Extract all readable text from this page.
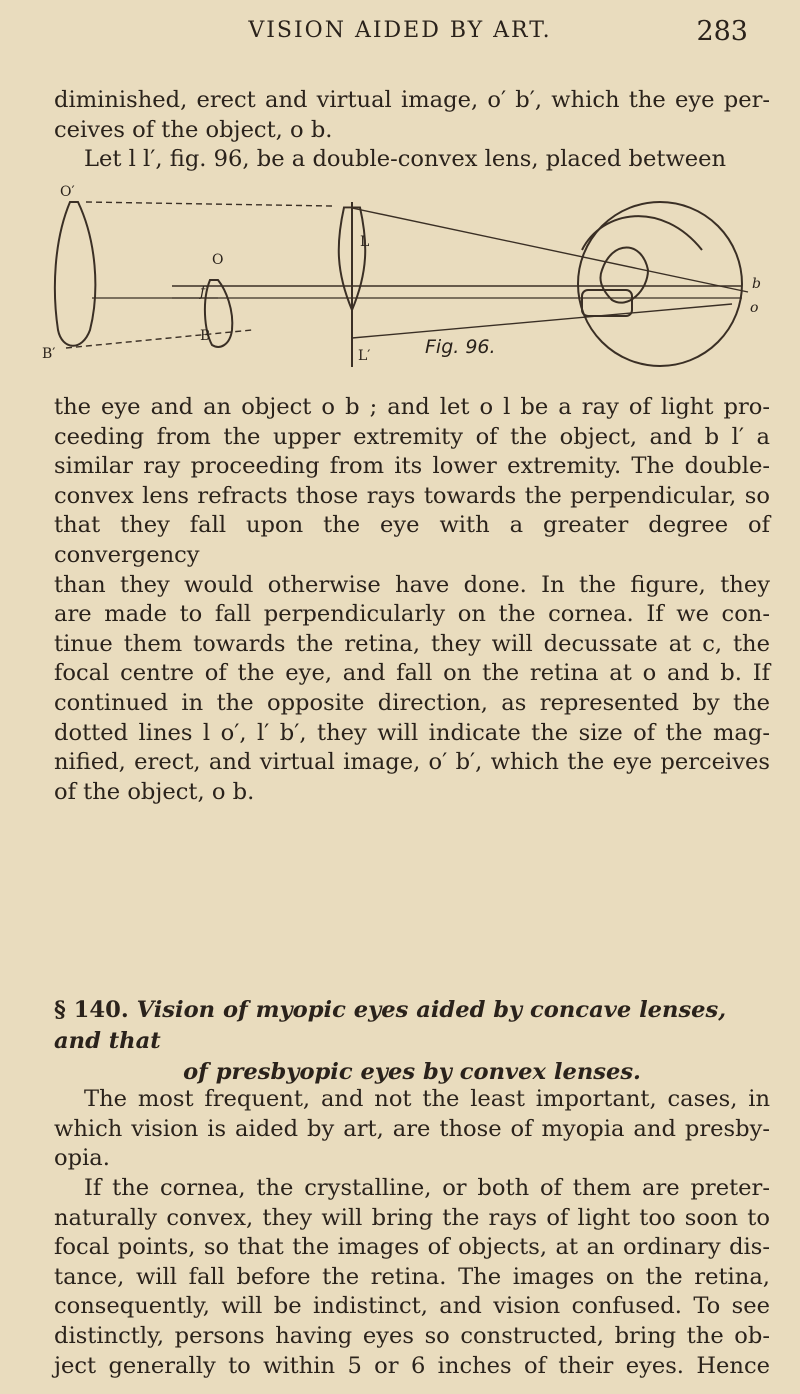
VISION AIDED BY ART.	283

diminished, erect and virtual image, o′ b′, which the eye per-

ceives of the object, o b.

Let l l′, fig. 96, be a double-convex lens, placed between

O′
O
f
B
B′
L
L′
b
o
Fig. 96.

the eye and an object o b ; and let o l be a ray of light pro-

ceeding from the upper extremity of the object, and b l′ a

similar ray proceeding from its lower extremity. The double-

convex lens refracts those rays towards the perpendicular, so

that they fall upon the eye with a greater degree of convergency

than they would otherwise have done. In the figure, they

are made to fall perpendicularly on the cornea. If we con-

tinue them towards the retina, they will decussate at c, the

focal centre of the eye, and fall on the retina at o and b. If

continued in the opposite direction, as represented by the

dotted lines l o′, l′ b′, they will indicate the size of the mag-

nified, erect, and virtual image, o′ b′, which the eye perceives

of the object, o b.

§ 140. Vision of myopic eyes aided by concave lenses, and that
of presbyopic eyes by convex lenses.

The most frequent, and not the least important, cases, in

which vision is aided by art, are those of myopia and presby-

opia.

If the cornea, the crystalline, or both of them are preter-

naturally convex, they will bring the rays of light too soon to

focal points, so that the images of objects, at an ordinary dis-

tance, will fall before the retina. The images on the retina,

consequently, will be indistinct, and vision confused. To see

distinctly, persons having eyes so constructed, bring the ob-

ject generally to within 5 or 6 inches of their eyes. Hence
